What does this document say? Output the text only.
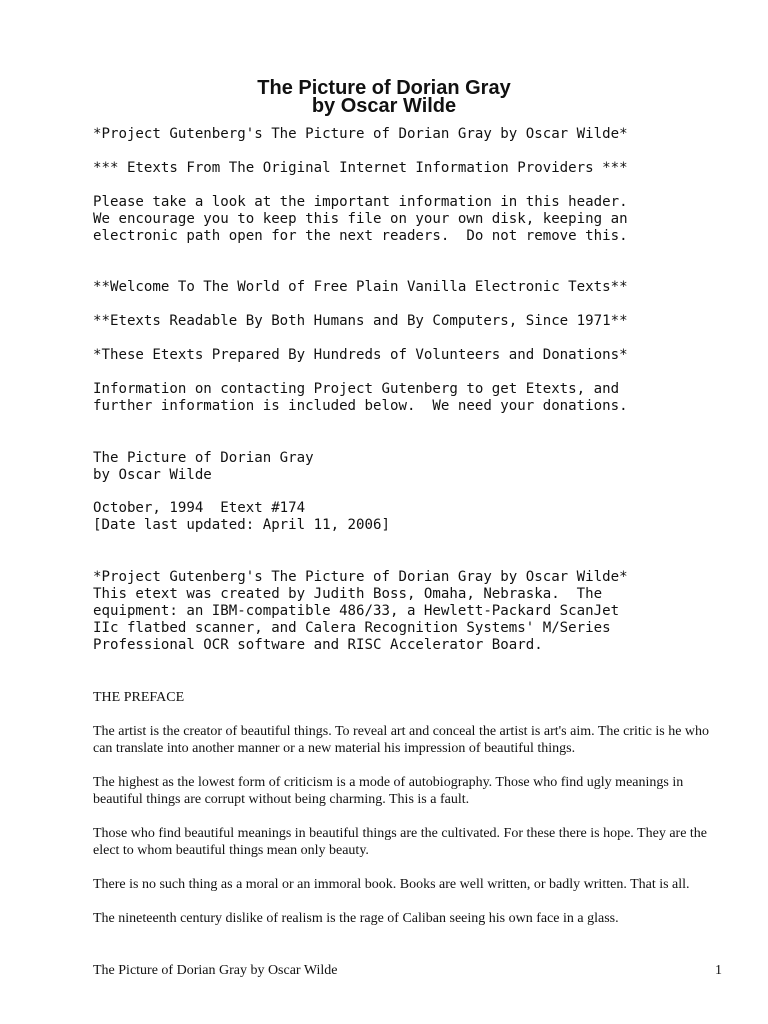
The Picture of Dorian Gray
by Oscar Wilde

*Project Gutenberg's The Picture of Dorian Gray by Oscar Wilde*

*** Etexts From The Original Internet Information Providers ***

Please take a look at the important information in this header.
We encourage you to keep this file on your own disk, keeping an
electronic path open for the next readers.  Do not remove this.

**Welcome To The World of Free Plain Vanilla Electronic Texts**

**Etexts Readable By Both Humans and By Computers, Since 1971**

*These Etexts Prepared By Hundreds of Volunteers and Donations*

Information on contacting Project Gutenberg to get Etexts, and
further information is included below.  We need your donations.

The Picture of Dorian Gray
by Oscar Wilde

October, 1994  Etext #174
[Date last updated: April 11, 2006]

*Project Gutenberg's The Picture of Dorian Gray by Oscar Wilde*
This etext was created by Judith Boss, Omaha, Nebraska.  The
equipment: an IBM-compatible 486/33, a Hewlett-Packard ScanJet
IIc flatbed scanner, and Calera Recognition Systems' M/Series
Professional OCR software and RISC Accelerator Board.

THE PREFACE

The artist is the creator of beautiful things. To reveal art and conceal the artist is art's aim. The critic is he who can translate into another manner or a new material his impression of beautiful things.

The highest as the lowest form of criticism is a mode of autobiography. Those who find ugly meanings in beautiful things are corrupt without being charming. This is a fault.

Those who find beautiful meanings in beautiful things are the cultivated. For these there is hope. They are the elect to whom beautiful things mean only beauty.

There is no such thing as a moral or an immoral book. Books are well written, or badly written. That is all.

The nineteenth century dislike of realism is the rage of Caliban seeing his own face in a glass.

The Picture of Dorian Gray by Oscar Wilde	1
